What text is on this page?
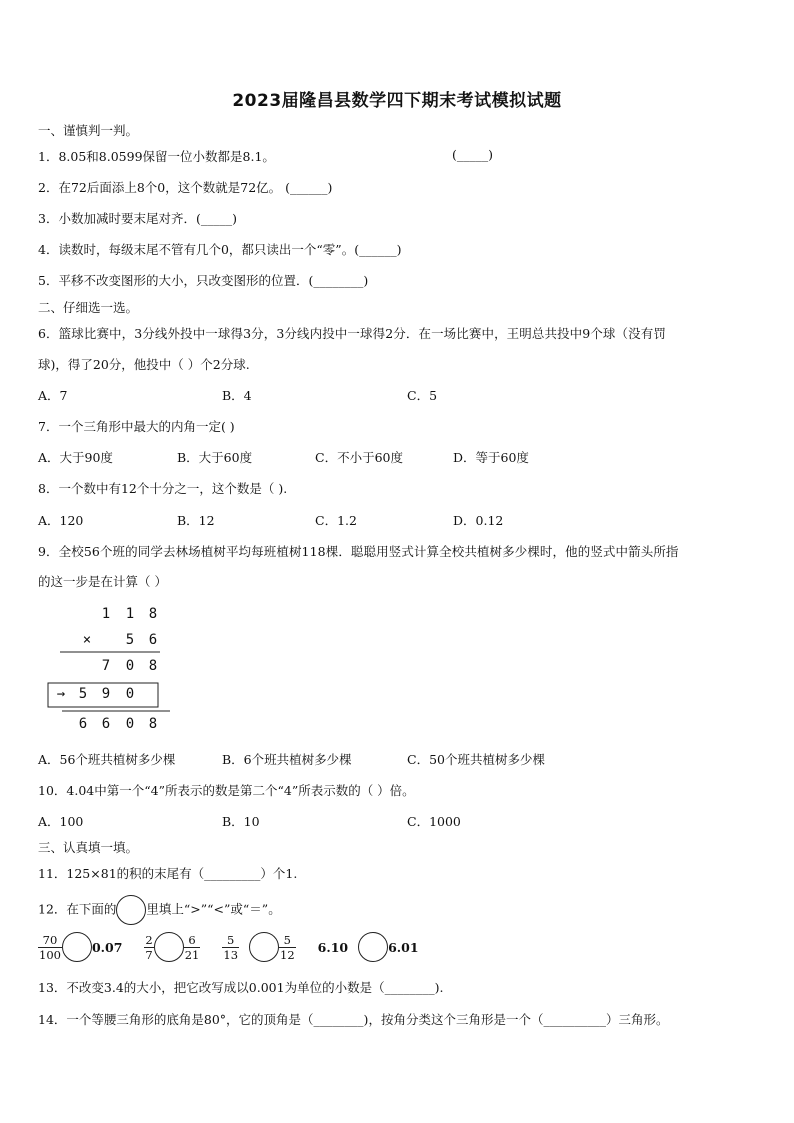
2023届隆昌县数学四下期末考试模拟试题
一、谨慎判一判。
1．8.05和8.0599保留一位小数都是8.1。	(_____)
2．在72后面添上8个0，这个数就是72亿。 (______)
3．小数加减时要末尾对齐．(_____)
4．读数时，每级末尾不管有几个0，都只读出一个“零”。(______)
5．平移不改变图形的大小，只改变图形的位置．(________)
二、仔细选一选。
6．篮球比赛中，3分线外投中一球得3分，3分线内投中一球得2分．在一场比赛中，王明总共投中9个球（没有罚
球)，得了20分，他投中（ ）个2分球.
A．7	B．4	C．5
7．一个三角形中最大的内角一定( )
A．大于90度	B．大于60度	C．不小于60度	D．等于60度
8．一个数中有12个十分之一，这个数是（ ).
A．120	B．12	C．1.2	D．0.12
9．全校56个班的同学去林场植树平均每班植树118棵．聪聪用竖式计算全校共植树多少棵时，他的竖式中箭头所指
的这一步是在计算（ ）
1 1 8
× 5 6
7 0 8
→ 5 9 0
6 6 0 8
A．56个班共植树多少棵	B．6个班共植树多少棵	C．50个班共植树多少棵
10．4.04中第一个“4”所表示的数是第二个“4”所表示数的（ ）倍。
A．100	B．10	C．1000
三、认真填一填。
11．125×81的积的末尾有（_________）个1.
12．在下面的 里填上“>”“<”或“＝”。
$\frac{70}{100} 0.07 \frac{2}{7}$	$\frac{6}{21} \frac{5}{13}$	$\frac{5}{12} 6.10$	6.01
13．不改变3.4的大小，把它改写成以0.001为单位的小数是（________).
14．一个等腰三角形的底角是80°，它的顶角是（________)，按角分类这个三角形是一个（__________）三角形。
